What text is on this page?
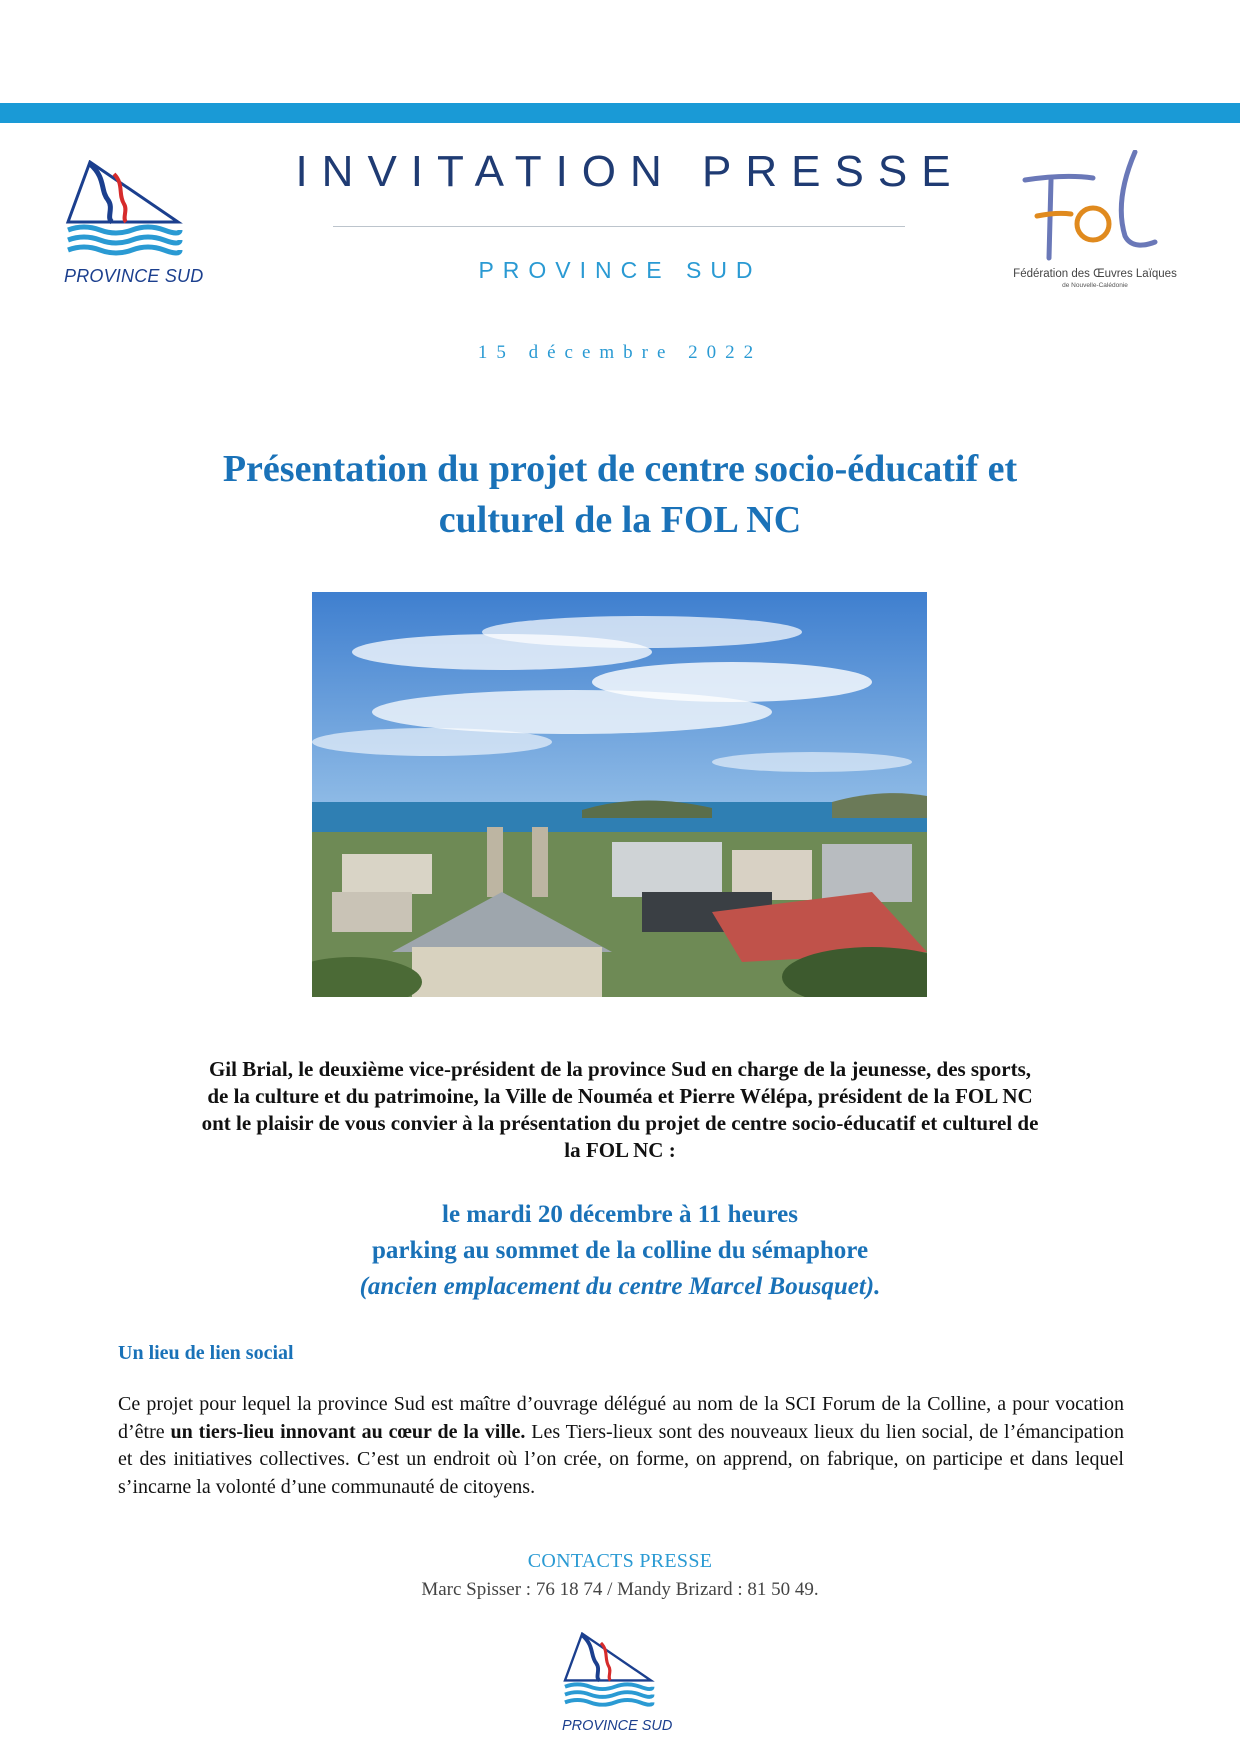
PROVINCE SUD
INVITATION PRESSE
PROVINCE SUD	Fédération des Œuvres Laïques
de Nouvelle-Calédonie
15 décembre 2022
Présentation du projet de centre socio-éducatif et
culturel de la FOL NC
Gil Brial, le deuxième vice-président de la province Sud en charge de la jeunesse, des sports,
de la culture et du patrimoine, la Ville de Nouméa et Pierre Wélépa, président de la FOL NC
ont le plaisir de vous convier à la présentation du projet de centre socio-éducatif et culturel de
la FOL NC :
le mardi 20 décembre à 11 heures
parking au sommet de la colline du sémaphore
(ancien emplacement du centre Marcel Bousquet).
Un lieu de lien social
Ce projet pour lequel la province Sud est maître d’ouvrage délégué au nom de la SCI Forum de la Colline, a pour vocation d’être un tiers-lieu innovant au cœur de la ville. Les Tiers-lieux sont des nouveaux lieux du lien social, de l’émancipation et des initiatives collectives. C’est un endroit où l’on crée, on forme, on apprend, on fabrique, on participe et dans lequel s’incarne la volonté d’une communauté de citoyens.
CONTACTS PRESSE
Marc Spisser : 76 18 74 / Mandy Brizard : 81 50 49.
PROVINCE SUD
